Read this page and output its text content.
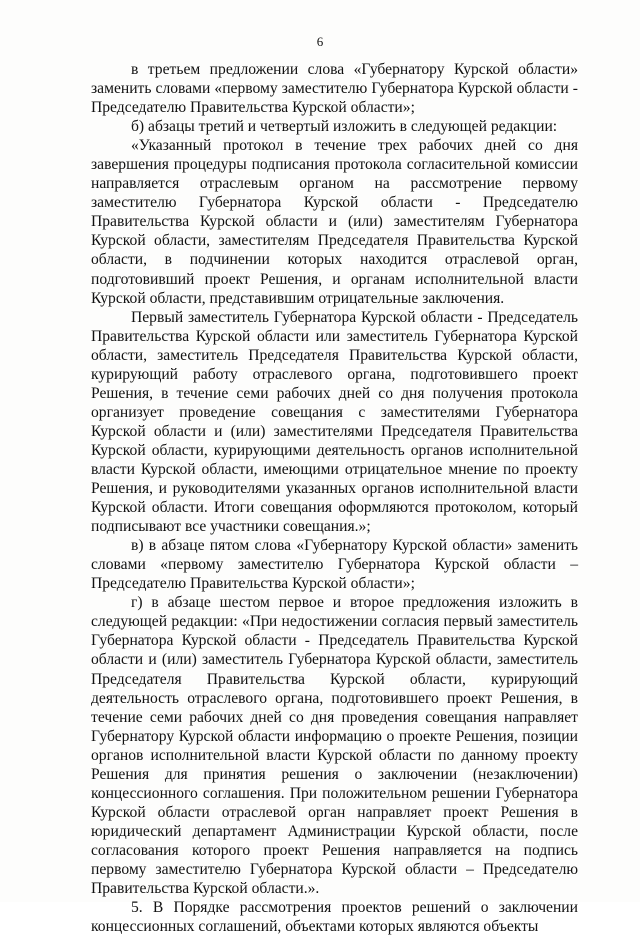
6

в третьем предложении слова «Губернатору Курской области» заменить словами «первому заместителю Губернатора Курской области - Председателю Правительства Курской области»;

б) абзацы третий и четвертый изложить в следующей редакции:

«Указанный протокол в течение трех рабочих дней со дня завершения процедуры подписания протокола согласительной комиссии направляется отраслевым органом на рассмотрение первому заместителю Губернатора Курской области - Председателю Правительства Курской области и (или) заместителям Губернатора Курской области, заместителям Председателя Правительства Курской области, в подчинении которых находится отраслевой орган, подготовивший проект Решения, и органам исполнительной власти Курской области, представившим отрицательные заключения.

Первый заместитель Губернатора Курской области - Председатель Правительства Курской области или заместитель Губернатора Курской области, заместитель Председателя Правительства Курской области, курирующий работу отраслевого органа, подготовившего проект Решения, в течение семи рабочих дней со дня получения протокола организует проведение совещания с заместителями Губернатора Курской области и (или) заместителями Председателя Правительства Курской области, курирующими деятельность органов исполнительной власти Курской области, имеющими отрицательное мнение по проекту Решения, и руководителями указанных органов исполнительной власти Курской области. Итоги совещания оформляются протоколом, который подписывают все участники совещания.»;

в) в абзаце пятом слова «Губернатору Курской области» заменить словами «первому заместителю Губернатора Курской области – Председателю Правительства Курской области»;

г) в абзаце шестом первое и второе предложения изложить в следующей редакции: «При недостижении согласия первый заместитель Губернатора Курской области - Председатель Правительства Курской области и (или) заместитель Губернатора Курской области, заместитель Председателя Правительства Курской области, курирующий деятельность отраслевого органа, подготовившего проект Решения, в течение семи рабочих дней со дня проведения совещания направляет Губернатору Курской области информацию о проекте Решения, позиции органов исполнительной власти Курской области по данному проекту Решения для принятия решения о заключении (незаключении) концессионного соглашения. При положительном решении Губернатора Курской области отраслевой орган направляет проект Решения в юридический департамент Администрации Курской области, после согласования которого проект Решения направляется на подпись первому заместителю Губернатора Курской области – Председателю Правительства Курской области.».

5. В Порядке рассмотрения проектов решений о заключении концессионных соглашений, объектами которых являются объекты
